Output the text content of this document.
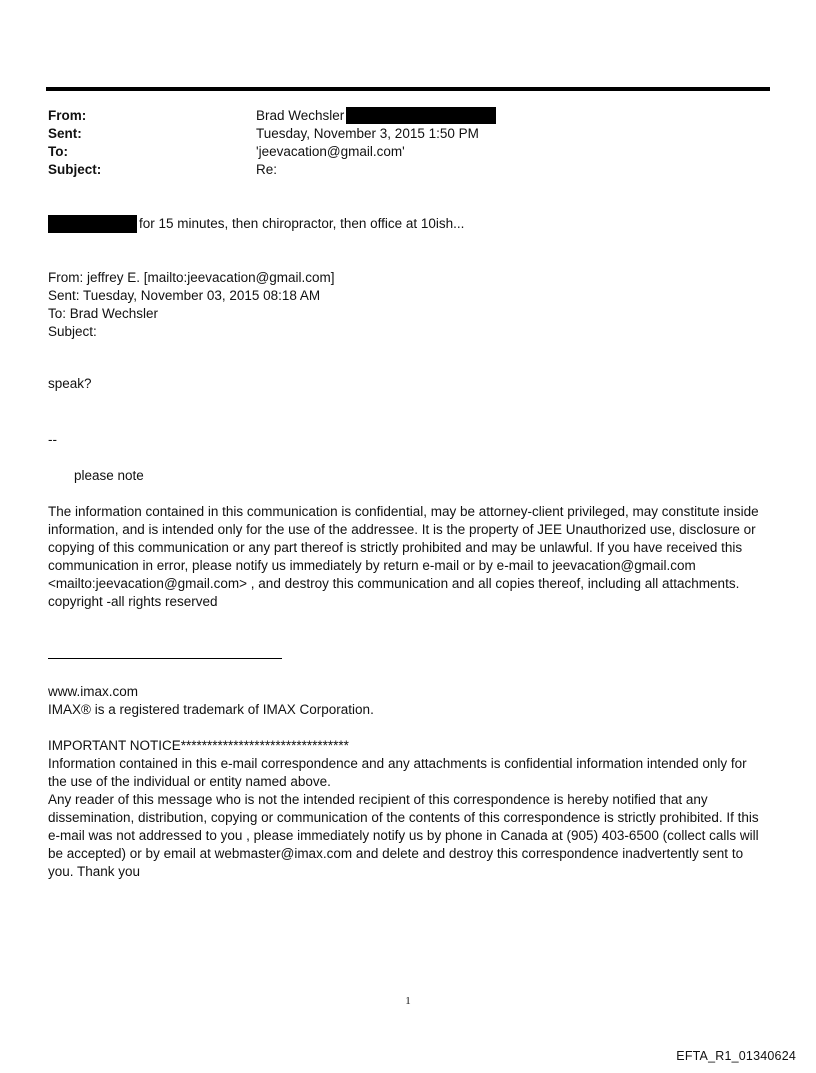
From:	Brad Wechsler
Sent:	Tuesday, November 3, 2015 1:50 PM
To:	'jeevacation@gmail.com'
Subject:	Re:
for 15 minutes, then chiropractor, then office at 10ish...
From: jeffrey E. [mailto:jeevacation@gmail.com]
Sent: Tuesday, November 03, 2015 08:18 AM
To: Brad Wechsler
Subject:
speak?
--
please note
The information contained in this communication is confidential, may be attorney-client privileged, may constitute inside information, and is intended only for the use of the addressee. It is the property of JEE Unauthorized use, disclosure or copying of this communication or any part thereof is strictly prohibited and may be unlawful. If you have received this communication in error, please notify us immediately by return e-mail or by e-mail to jeevacation@gmail.com <mailto:jeevacation@gmail.com> , and destroy this communication and all copies thereof, including all attachments. copyright -all rights reserved
www.imax.com
IMAX® is a registered trademark of IMAX Corporation.
IMPORTANT NOTICE********************************
Information contained in this e-mail correspondence and any attachments is confidential information intended only for the use of the individual or entity named above.
Any reader of this message who is not the intended recipient of this correspondence is hereby notified that any dissemination, distribution, copying or communication of the contents of this correspondence is strictly prohibited. If this e-mail was not addressed to you , please immediately notify us by phone in Canada at (905) 403-6500 (collect calls will be accepted) or by email at webmaster@imax.com and delete and destroy this correspondence inadvertently sent to you. Thank you
1
EFTA_R1_01340624
